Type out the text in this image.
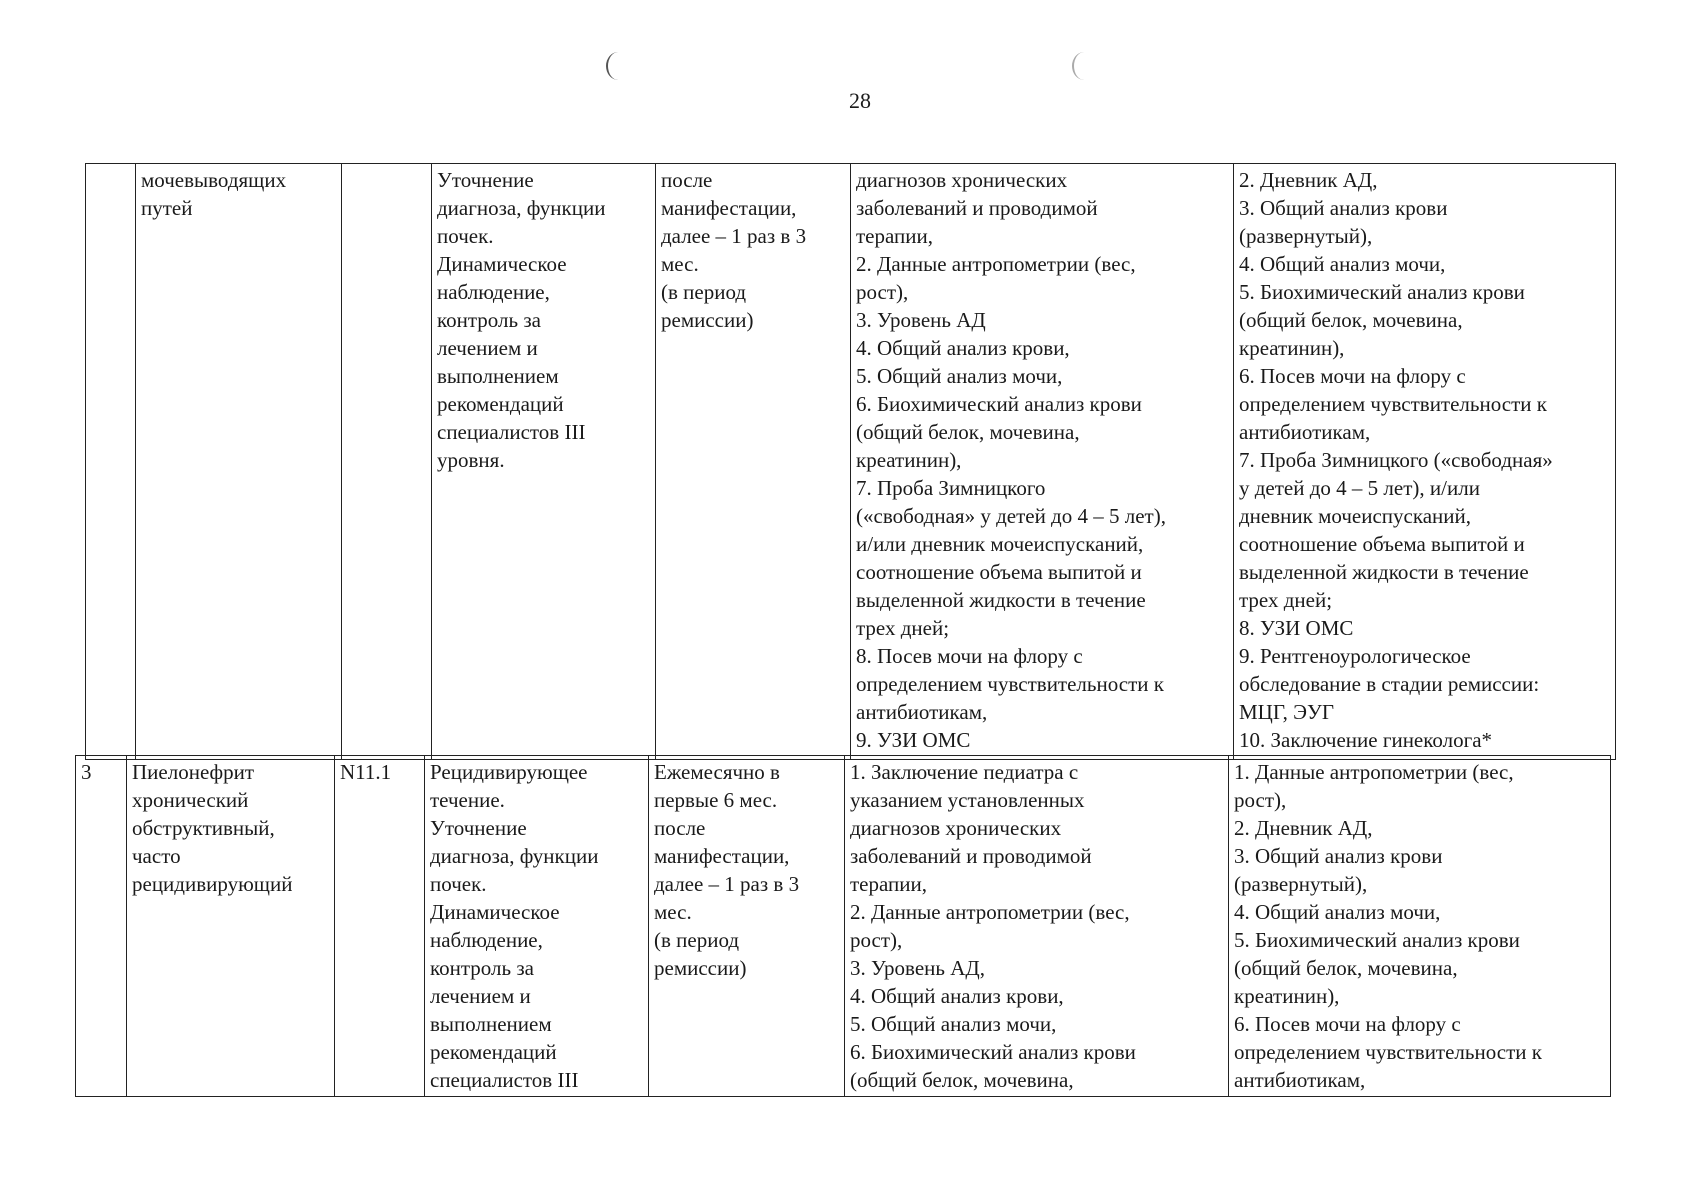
28
	мочевыводящих
путей		Уточнение
диагноза, функции
почек.
Динамическое
наблюдение,
контроль за
лечением и
выполнением
рекомендаций
специалистов III
уровня.	после
манифестации,
далее – 1 раз в 3
мес.
(в период
ремиссии)	диагнозов хронических
заболеваний и проводимой
терапии,
2. Данные антропометрии (вес,
рост),
3. Уровень АД
4. Общий анализ крови,
5. Общий анализ мочи,
6. Биохимический анализ крови
(общий белок, мочевина,
креатинин),
7. Проба Зимницкого
(«свободная» у детей до 4 – 5 лет),
и/или дневник мочеиспусканий,
соотношение объема выпитой и
выделенной жидкости в течение
трех дней;
8. Посев мочи на флору с
определением чувствительности к
антибиотикам,
9. УЗИ ОМС	2. Дневник АД,
3. Общий анализ крови
(развернутый),
4. Общий анализ мочи,
5. Биохимический анализ крови
(общий белок, мочевина,
креатинин),
6. Посев мочи на флору с
определением чувствительности к
антибиотикам,
7. Проба Зимницкого («свободная»
у детей до 4 – 5 лет), и/или
дневник мочеиспусканий,
соотношение объема выпитой и
выделенной жидкости в течение
трех дней;
8. УЗИ ОМС
9. Рентгеноурологическое
обследование в стадии ремиссии:
МЦГ, ЭУГ
10. Заключение гинеколога*
3	Пиелонефрит
хронический
обструктивный,
часто
рецидивирующий	N11.1	Рецидивирующее
течение.
Уточнение
диагноза, функции
почек.
Динамическое
наблюдение,
контроль за
лечением и
выполнением
рекомендаций
специалистов III	Ежемесячно в
первые 6 мес.
после
манифестации,
далее – 1 раз в 3
мес.
(в период
ремиссии)	1. Заключение педиатра с
указанием установленных
диагнозов хронических
заболеваний и проводимой
терапии,
2. Данные антропометрии (вес,
рост),
3. Уровень АД,
4. Общий анализ крови,
5. Общий анализ мочи,
6. Биохимический анализ крови
(общий белок, мочевина,	1. Данные антропометрии (вес,
рост),
2. Дневник АД,
3. Общий анализ крови
(развернутый),
4. Общий анализ мочи,
5. Биохимический анализ крови
(общий белок, мочевина,
креатинин),
6. Посев мочи на флору с
определением чувствительности к
антибиотикам,
